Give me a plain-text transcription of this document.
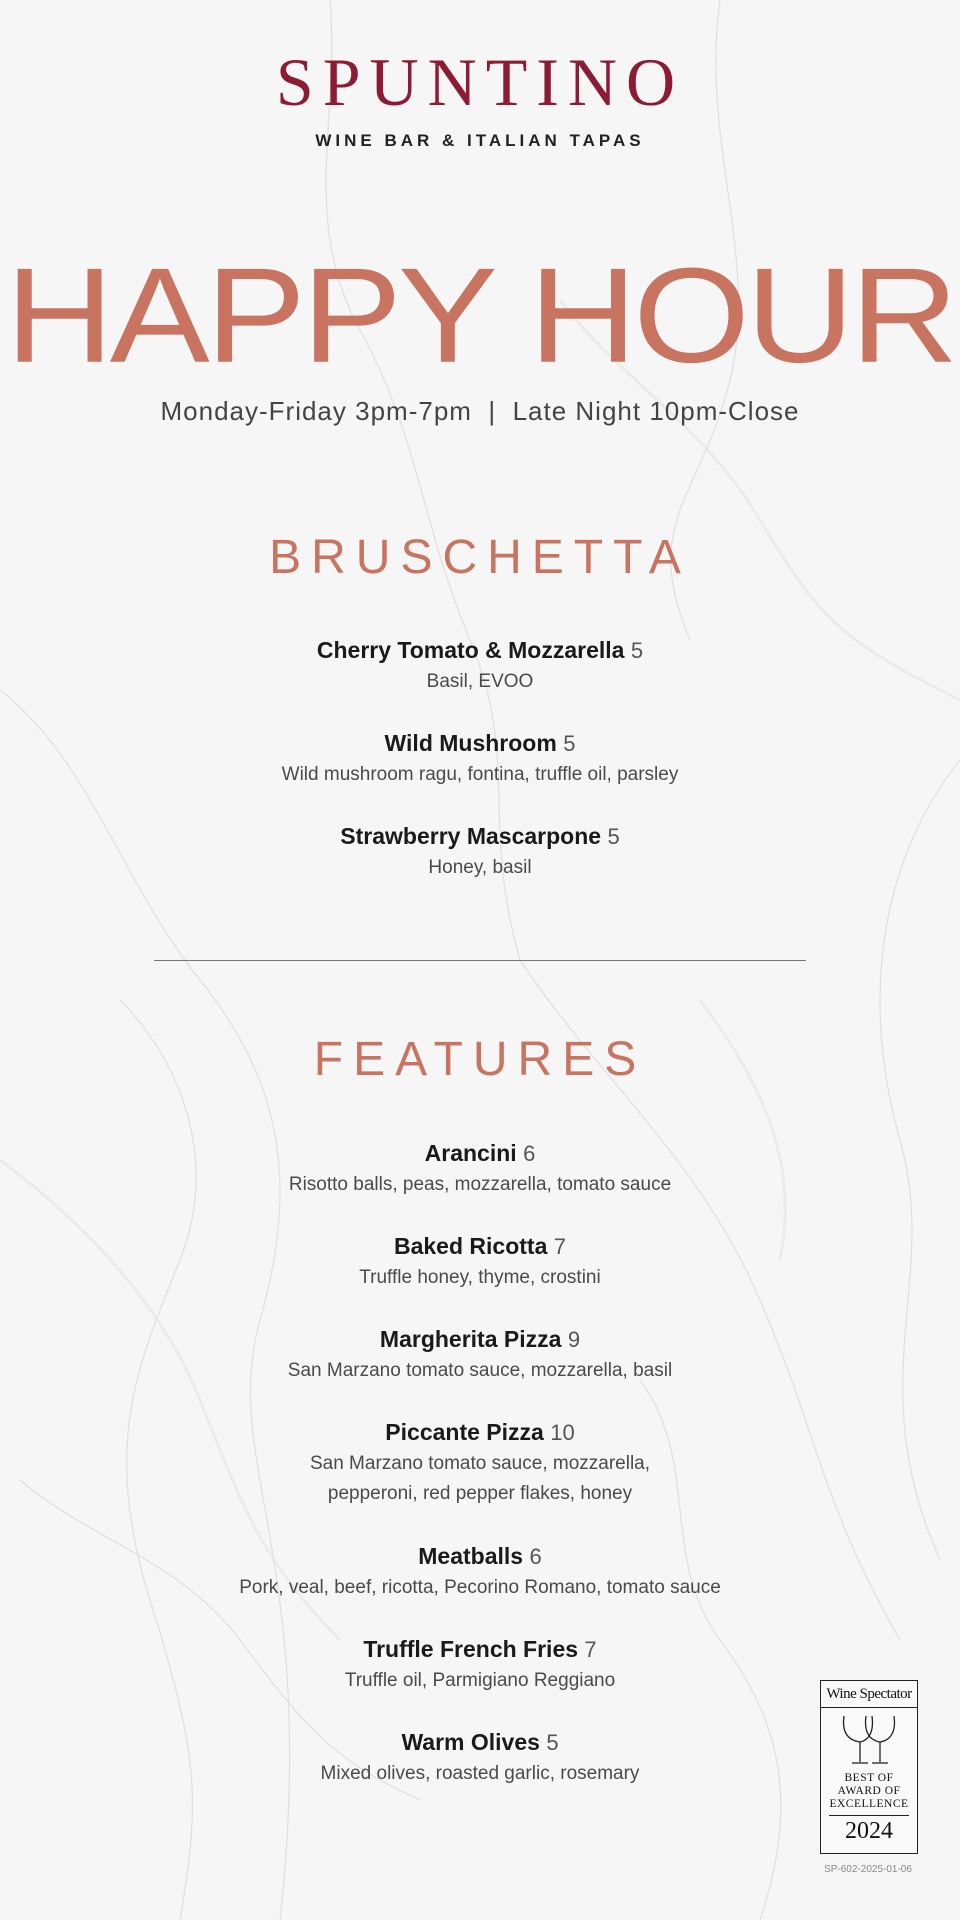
SPUNTINO
WINE BAR & ITALIAN TAPAS
HAPPY HOUR
Monday-Friday 3pm-7pm  |  Late Night 10pm-Close
BRUSCHETTA
Cherry Tomato & Mozzarella 5
Basil, EVOO
Wild Mushroom 5
Wild mushroom ragu, fontina, truffle oil, parsley
Strawberry Mascarpone 5
Honey, basil
FEATURES
Arancini 6
Risotto balls, peas, mozzarella, tomato sauce
Baked Ricotta 7
Truffle honey, thyme, crostini
Margherita Pizza 9
San Marzano tomato sauce, mozzarella, basil
Piccante Pizza 10
San Marzano tomato sauce, mozzarella,
pepperoni, red pepper flakes, honey
Meatballs 6
Pork, veal, beef, ricotta, Pecorino Romano, tomato sauce
Truffle French Fries 7
Truffle oil, Parmigiano Reggiano
Warm Olives 5
Mixed olives, roasted garlic, rosemary
Wine Spectator
BEST OF
AWARD OF
EXCELLENCE
2024
SP-602-2025-01-06
